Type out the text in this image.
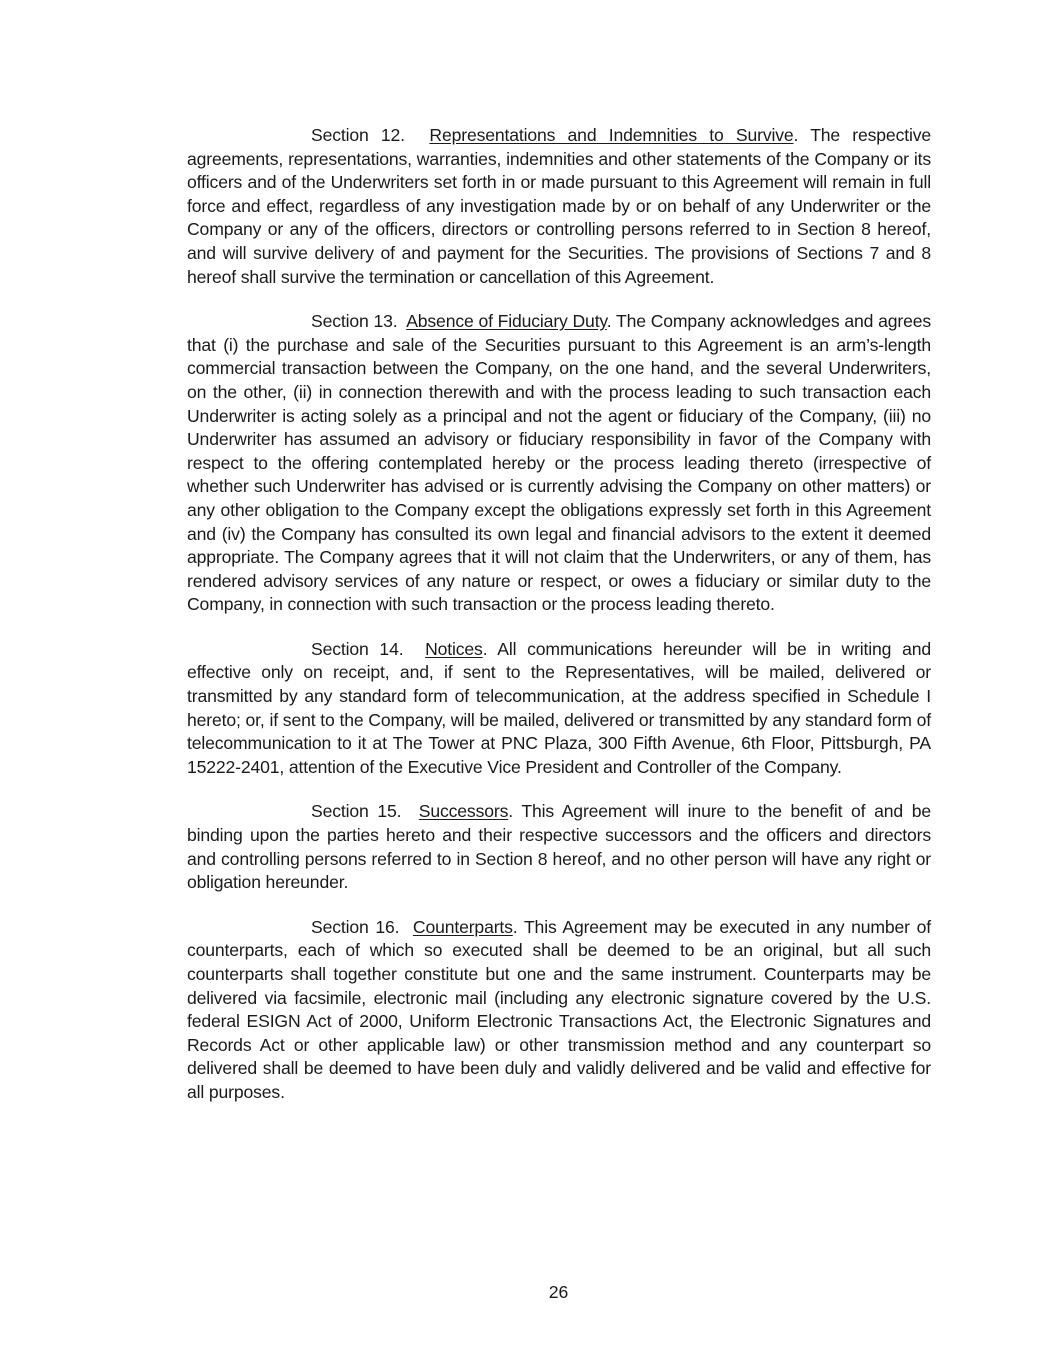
Section 12. Representations and Indemnities to Survive. The respective agreements, representations, warranties, indemnities and other statements of the Company or its officers and of the Underwriters set forth in or made pursuant to this Agreement will remain in full force and effect, regardless of any investigation made by or on behalf of any Underwriter or the Company or any of the officers, directors or controlling persons referred to in Section 8 hereof, and will survive delivery of and payment for the Securities. The provisions of Sections 7 and 8 hereof shall survive the termination or cancellation of this Agreement.

Section 13. Absence of Fiduciary Duty. The Company acknowledges and agrees that (i) the purchase and sale of the Securities pursuant to this Agreement is an arm’s-length commercial transaction between the Company, on the one hand, and the several Underwriters, on the other, (ii) in connection therewith and with the process leading to such transaction each Underwriter is acting solely as a principal and not the agent or fiduciary of the Company, (iii) no Underwriter has assumed an advisory or fiduciary responsibility in favor of the Company with respect to the offering contemplated hereby or the process leading thereto (irrespective of whether such Underwriter has advised or is currently advising the Company on other matters) or any other obligation to the Company except the obligations expressly set forth in this Agreement and (iv) the Company has consulted its own legal and financial advisors to the extent it deemed appropriate. The Company agrees that it will not claim that the Underwriters, or any of them, has rendered advisory services of any nature or respect, or owes a fiduciary or similar duty to the Company, in connection with such transaction or the process leading thereto.

Section 14. Notices. All communications hereunder will be in writing and effective only on receipt, and, if sent to the Representatives, will be mailed, delivered or transmitted by any standard form of telecommunication, at the address specified in Schedule I hereto; or, if sent to the Company, will be mailed, delivered or transmitted by any standard form of telecommunication to it at The Tower at PNC Plaza, 300 Fifth Avenue, 6th Floor, Pittsburgh, PA 15222-2401, attention of the Executive Vice President and Controller of the Company.

Section 15. Successors. This Agreement will inure to the benefit of and be binding upon the parties hereto and their respective successors and the officers and directors and controlling persons referred to in Section 8 hereof, and no other person will have any right or obligation hereunder.

Section 16. Counterparts. This Agreement may be executed in any number of counterparts, each of which so executed shall be deemed to be an original, but all such counterparts shall together constitute but one and the same instrument. Counterparts may be delivered via facsimile, electronic mail (including any electronic signature covered by the U.S. federal ESIGN Act of 2000, Uniform Electronic Transactions Act, the Electronic Signatures and Records Act or other applicable law) or other transmission method and any counterpart so delivered shall be deemed to have been duly and validly delivered and be valid and effective for all purposes.

26
